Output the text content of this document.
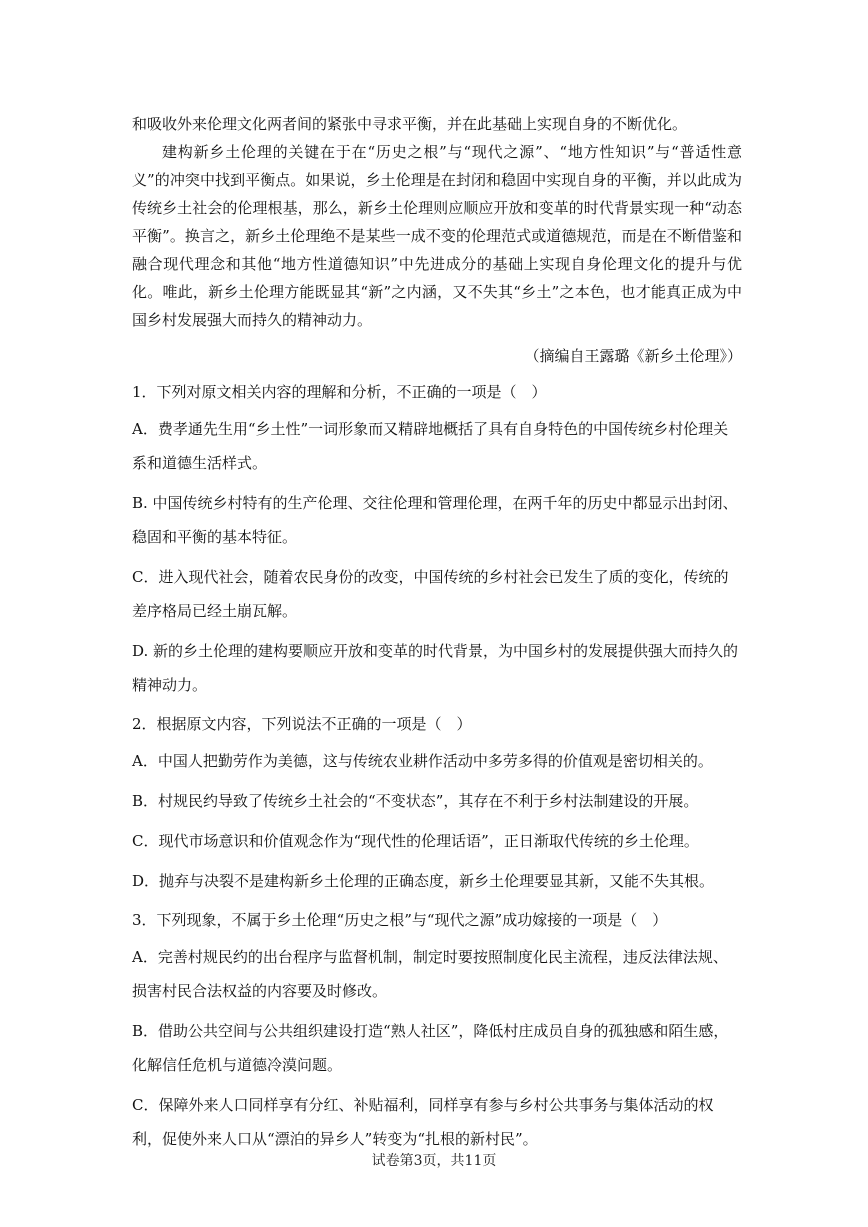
和吸收外来伦理文化两者间的紧张中寻求平衡，并在此基础上实现自身的不断优化。

建构新乡土伦理的关键在于在“历史之根”与“现代之源”、“地方性知识”与“普适性意义”的冲突中找到平衡点。如果说，乡土伦理是在封闭和稳固中实现自身的平衡，并以此成为传统乡土社会的伦理根基，那么，新乡土伦理则应顺应开放和变革的时代背景实现一种“动态平衡”。换言之，新乡土伦理绝不是某些一成不变的伦理范式或道德规范，而是在不断借鉴和融合现代理念和其他“地方性道德知识”中先进成分的基础上实现自身伦理文化的提升与优化。唯此，新乡土伦理方能既显其“新”之内涵，又不失其“乡土”之本色，也才能真正成为中国乡村发展强大而持久的精神动力。

（摘编自王露璐《新乡土伦理》）

1．下列对原文相关内容的理解和分析，不正确的一项是（　）

A．费孝通先生用“乡土性”一词形象而又精辟地概括了具有自身特色的中国传统乡村伦理关系和道德生活样式。

B. 中国传统乡村特有的生产伦理、交往伦理和管理伦理，在两千年的历史中都显示出封闭、稳固和平衡的基本特征。

C．进入现代社会，随着农民身份的改变，中国传统的乡村社会已发生了质的变化，传统的差序格局已经土崩瓦解。

D. 新的乡土伦理的建构要顺应开放和变革的时代背景，为中国乡村的发展提供强大而持久的精神动力。

2．根据原文内容，下列说法不正确的一项是（　）

A．中国人把勤劳作为美德，这与传统农业耕作活动中多劳多得的价值观是密切相关的。

B．村规民约导致了传统乡土社会的“不变状态”，其存在不利于乡村法制建设的开展。

C．现代市场意识和价值观念作为“现代性的伦理话语”，正日渐取代传统的乡土伦理。

D．抛弃与决裂不是建构新乡土伦理的正确态度，新乡土伦理要显其新，又能不失其根。

3．下列现象，不属于乡土伦理“历史之根”与“现代之源”成功嫁接的一项是（　）

A．完善村规民约的出台程序与监督机制，制定时要按照制度化民主流程，违反法律法规、损害村民合法权益的内容要及时修改。

B．借助公共空间与公共组织建设打造“熟人社区”，降低村庄成员自身的孤独感和陌生感，化解信任危机与道德冷漠问题。

C．保障外来人口同样享有分红、补贴福利，同样享有参与乡村公共事务与集体活动的权利，促使外来人口从“漂泊的异乡人”转变为“扎根的新村民”。

试卷第3页，共11页
